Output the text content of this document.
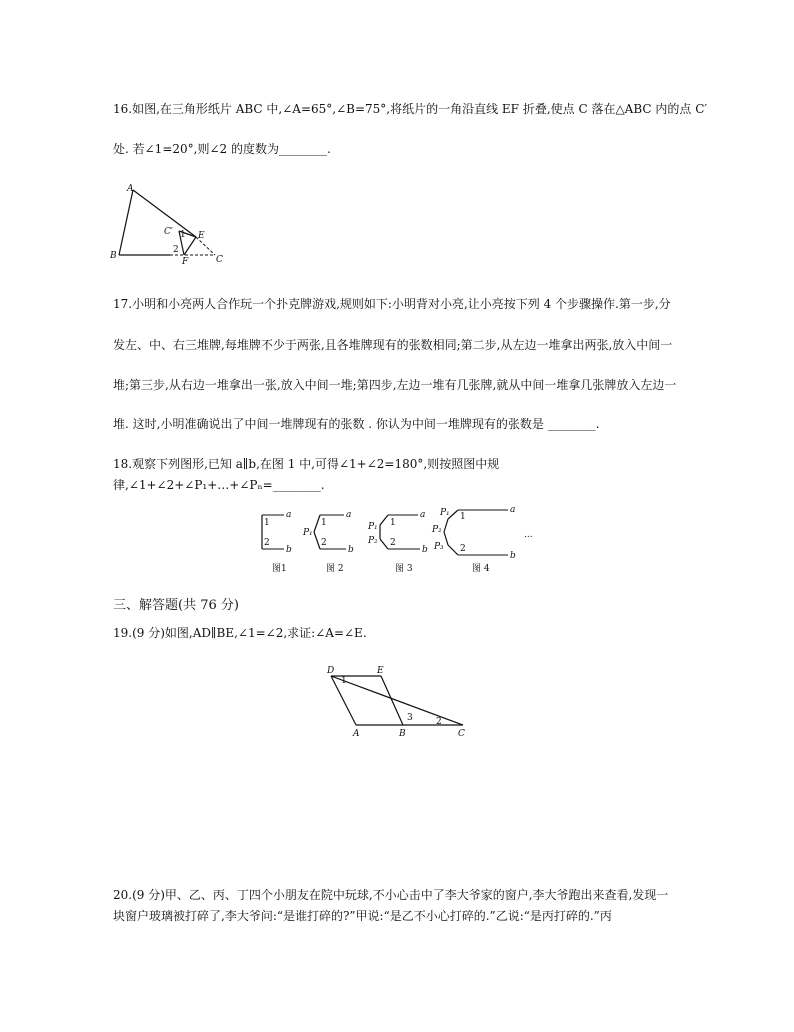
16.如图,在三角形纸片 ABC 中,∠A=65°,∠B=75°,将纸片的一角沿直线 EF 折叠,使点 C 落在△ABC 内的点 C′
处. 若∠1=20°,则∠2 的度数为________.
A
B	C
E
F
C′ 1
2
17.小明和小亮两人合作玩一个扑克牌游戏,规则如下:小明背对小亮,让小亮按下列 4 个步骤操作.第一步,分
发左、中、右三堆牌,每堆牌不少于两张,且各堆牌现有的张数相同;第二步,从左边一堆拿出两张,放入中间一
堆;第三步,从右边一堆拿出一张,放入中间一堆;第四步,左边一堆有几张牌,就从中间一堆拿几张牌放入左边一
堆. 这时,小明准确说出了中间一堆牌现有的张数 . 你认为中间一堆牌现有的张数是 ________.
18.观察下列图形,已知 a∥b,在图 1 中,可得∠1+∠2=180°,则按照图中规
律,∠1+∠2+∠P₁+…+∠Pₙ=________.
a
b
1
2
图1
a
b
1
2
P₁
图 2
a
b
1
2
P₁
P₂
图 3
a
b
1
2
P₁
P₂
P₃
图 4
...
三、解答题(共 76 分)
19.(9 分)如图,AD∥BE,∠1=∠2,求证:∠A=∠E.
D	E
A	B	C
1
2
3
20.(9 分)甲、乙、丙、丁四个小朋友在院中玩球,不小心击中了李大爷家的窗户,李大爷跑出来查看,发现一
块窗户玻璃被打碎了,李大爷问:“是谁打碎的?”甲说:“是乙不小心打碎的.”乙说:“是丙打碎的.”丙
